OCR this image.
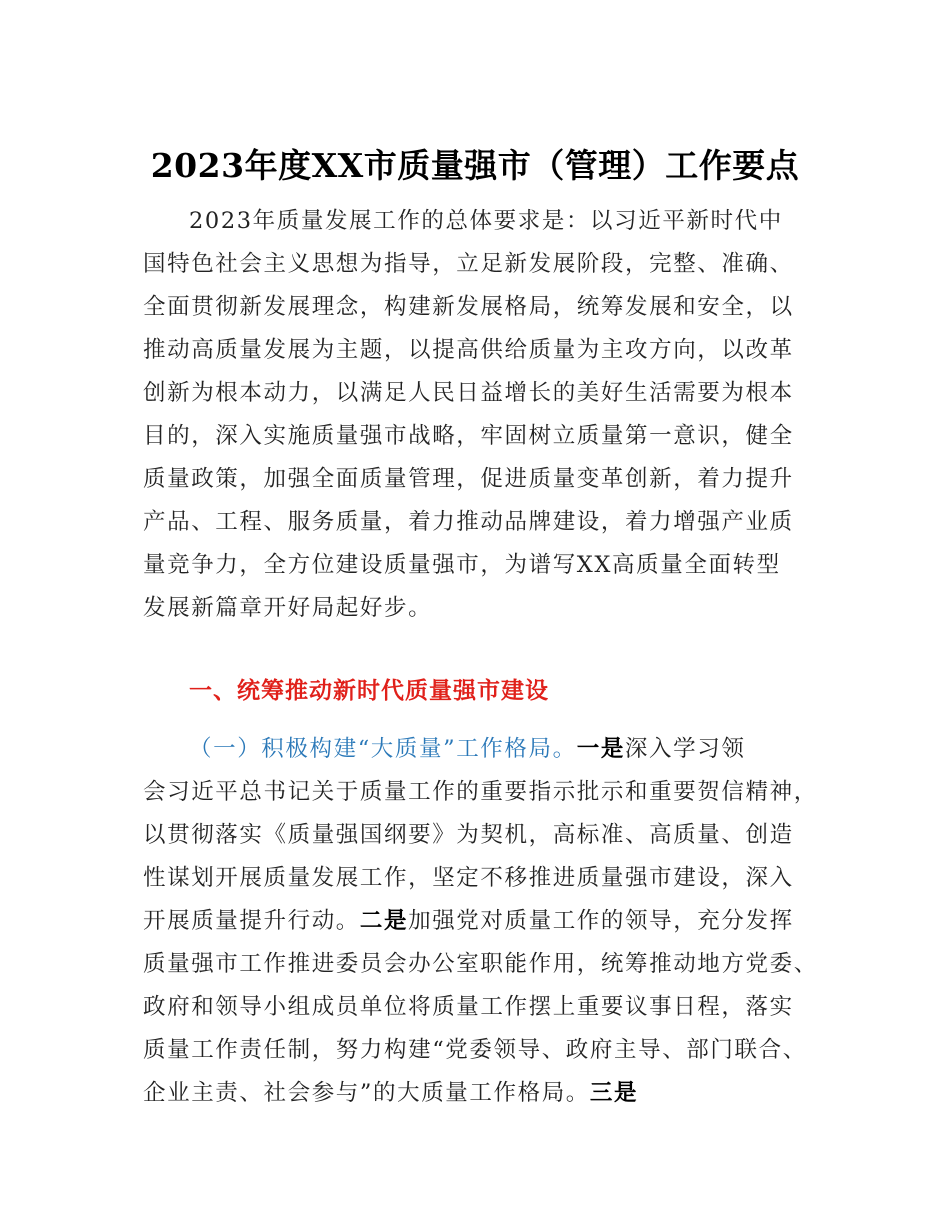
2023年度XX市质量强市（管理）工作要点
2023年质量发展工作的总体要求是：以习近平新时代中
国特色社会主义思想为指导，立足新发展阶段，完整、准确、
全面贯彻新发展理念，构建新发展格局，统筹发展和安全，以
推动高质量发展为主题，以提高供给质量为主攻方向，以改革
创新为根本动力，以满足人民日益增长的美好生活需要为根本
目的，深入实施质量强市战略，牢固树立质量第一意识，健全
质量政策，加强全面质量管理，促进质量变革创新，着力提升
产品、工程、服务质量，着力推动品牌建设，着力增强产业质
量竞争力，全方位建设质量强市，为谱写XX高质量全面转型
发展新篇章开好局起好步。
一、统筹推动新时代质量强市建设
（一）积极构建“大质量”工作格局。一是深入学习领
会习近平总书记关于质量工作的重要指示批示和重要贺信精神，
以贯彻落实《质量强国纲要》为契机，高标准、高质量、创造
性谋划开展质量发展工作，坚定不移推进质量强市建设，深入
开展质量提升行动。二是加强党对质量工作的领导，充分发挥
质量强市工作推进委员会办公室职能作用，统筹推动地方党委、
政府和领导小组成员单位将质量工作摆上重要议事日程，落实
质量工作责任制，努力构建“党委领导、政府主导、部门联合、
企业主责、社会参与”的大质量工作格局。三是
